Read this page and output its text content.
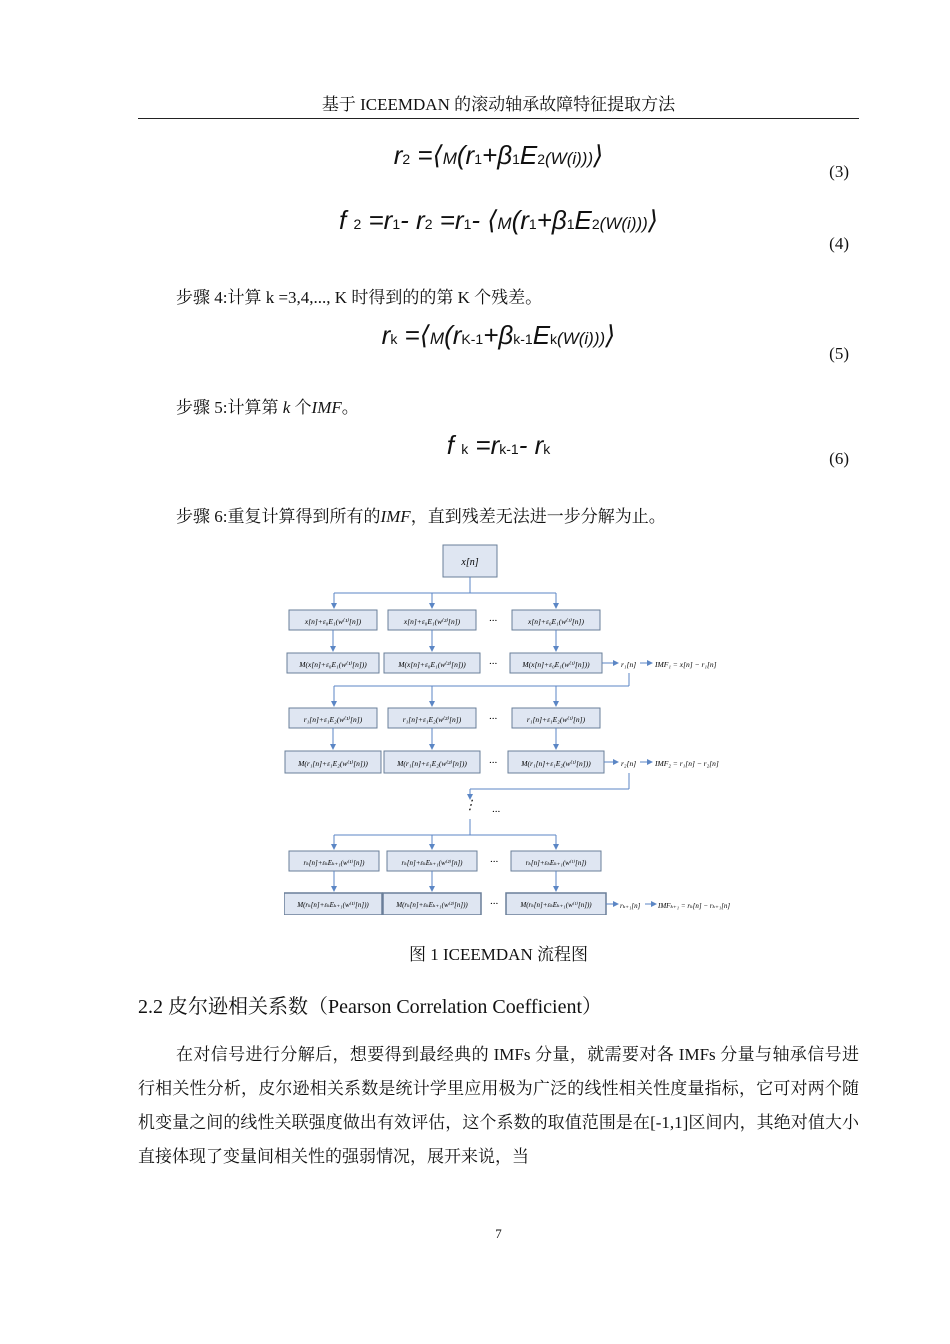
基于 ICEEMDAN 的滚动轴承故障特征提取方法
r2 =⟨M(r1+β1E2(W(i)))⟩
(3)
f 2 =r1- r2 =r1- ⟨M(r1+β1E2(W(i)))⟩
(4)
步骤 4:计算 k =3,4,..., K 时得到的的第 K 个残差。
rk =⟨M(rK-1+βk-1Ek(W(i)))⟩
(5)
步骤 5:计算第 k 个IMF。
f k =rk-1- rk	(6)
步骤 6:重复计算得到所有的IMF，直到残差无法进一步分解为止。
x[n]
x[n]+ε₀E₁(w⁽¹⁾[n])	x[n]+ε₀E₁(w⁽²⁾[n])	x[n]+ε₀E₁(w⁽ᴵ⁾[n])
···
M(x[n]+ε₀E₁(w⁽¹⁾[n]))	M(x[n]+ε₀E₁(w⁽²⁾[n]))	M(x[n]+ε₀E₁(w⁽ᴵ⁾[n]))
···	r₁[n]	IMF₁ = x[n] − r₁[n]
r₁[n]+ε₁E₂(w⁽¹⁾[n])	r₁[n]+ε₁E₂(w⁽²⁾[n])	r₁[n]+ε₁E₂(w⁽ᴵ⁾[n])
···
M(r₁[n]+ε₁E₂(w⁽¹⁾[n]))	M(r₁[n]+ε₁E₂(w⁽²⁾[n]))	M(r₁[n]+ε₁E₂(w⁽ᴵ⁾[n]))
···	r₂[n]	IMF₂ = r₁[n] − r₂[n]
⋮ ···
rₖ[n]+εₖEₖ₊₁(w⁽¹⁾[n])	rₖ[n]+εₖEₖ₊₁(w⁽²⁾[n])	rₖ[n]+εₖEₖ₊₁(w⁽ᴵ⁾[n])
···
M(rₖ[n]+εₖEₖ₊₁(w⁽¹⁾[n]))	M(rₖ[n]+εₖEₖ₊₁(w⁽²⁾[n]))	M(rₖ[n]+εₖEₖ₊₁(w⁽ᴵ⁾[n]))
···	rₖ₊₁[n]	IMFₖ₊₁ = rₖ[n] − rₖ₊₁[n]
图 1 ICEEMDAN 流程图
2.2 皮尔逊相关系数（Pearson Correlation Coefficient）
在对信号进行分解后，想要得到最经典的 IMFs 分量，就需要对各 IMFs 分量与轴承信号进行相关性分析，皮尔逊相关系数是统计学里应用极为广泛的线性相关性度量指标，它可对两个随机变量之间的线性关联强度做出有效评估，这个系数的取值范围是在[-1,1]区间内，其绝对值大小直接体现了变量间相关性的强弱情况，展开来说，当
7
